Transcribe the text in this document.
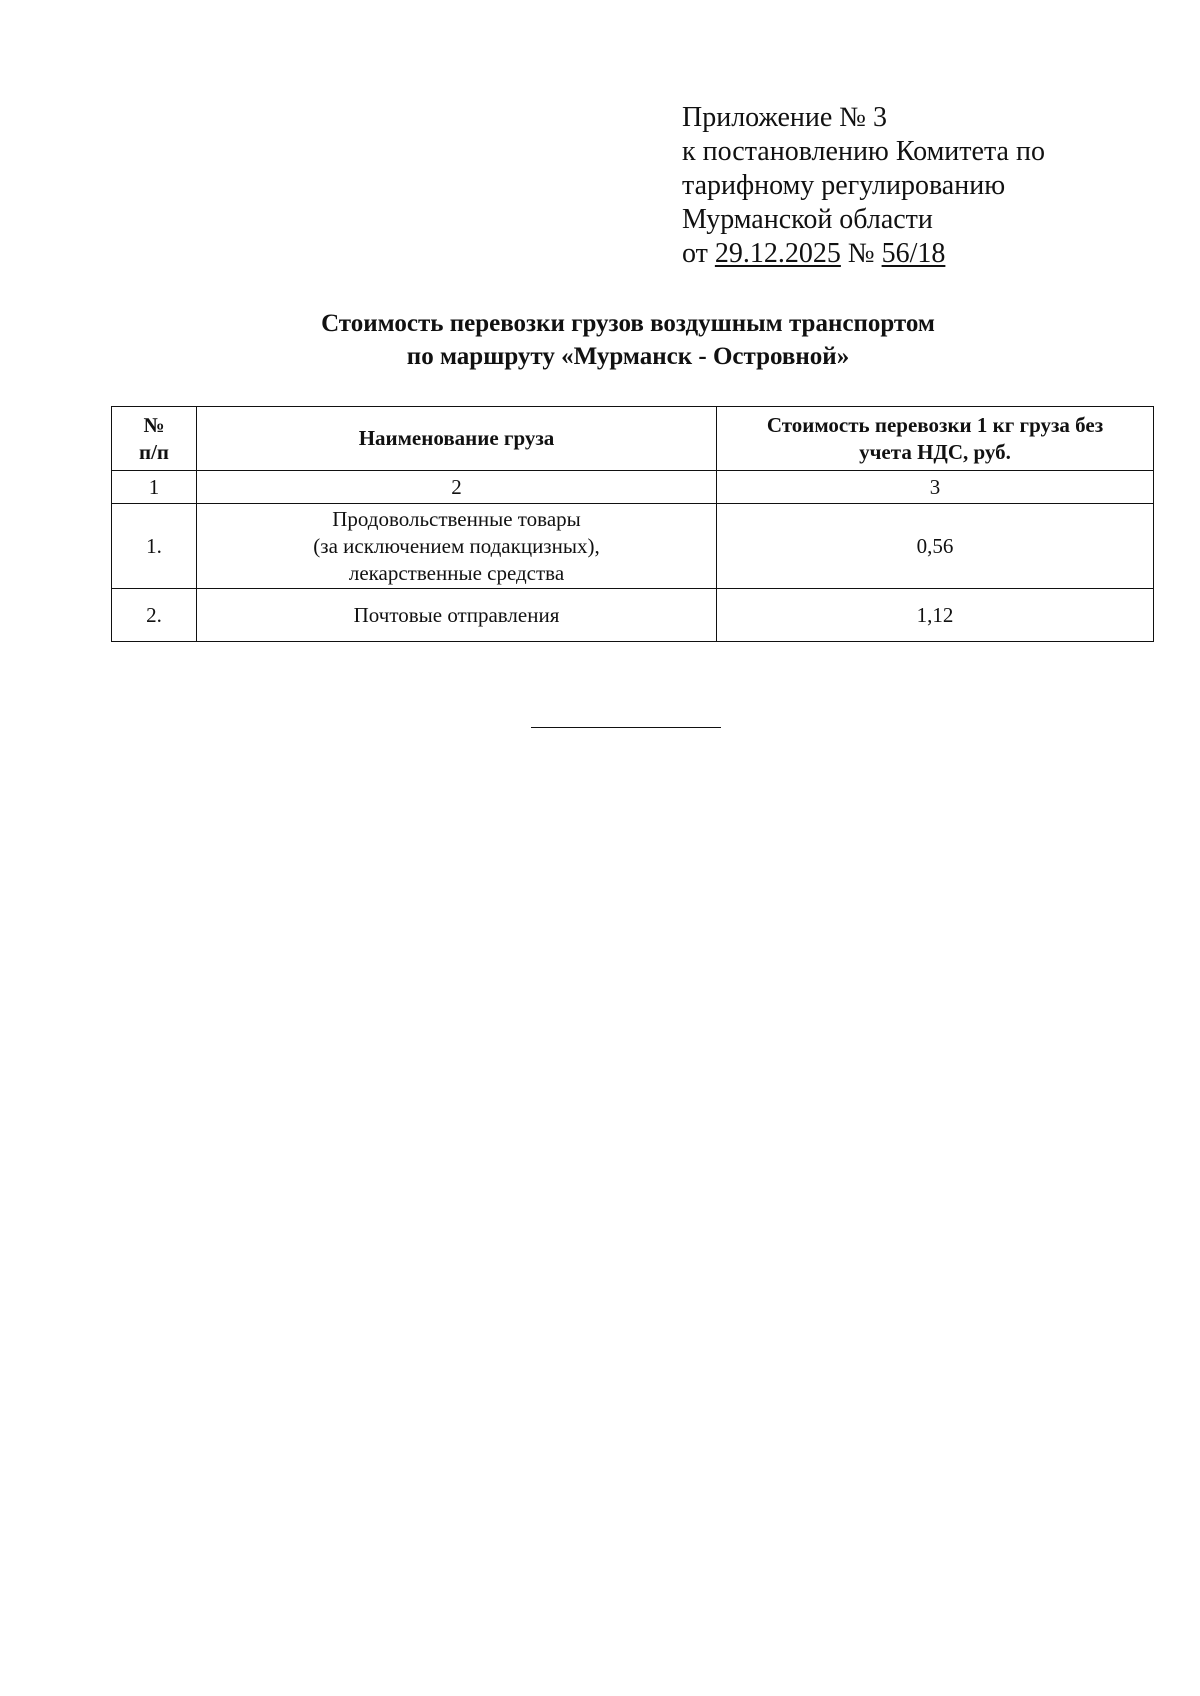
Приложение № 3
к постановлению Комитета по
тарифному регулированию
Мурманской области
от 29.12.2025 № 56/18
Стоимость перевозки грузов воздушным транспортом
по маршруту «Мурманск - Островной»
№
п/п	Наименование груза	Стоимость перевозки 1 кг груза без
учета НДС, руб.

1	2	3
1.	Продовольственные товары
(за исключением подакцизных),
лекарственные средства	0,56
2.	Почтовые отправления	1,12
